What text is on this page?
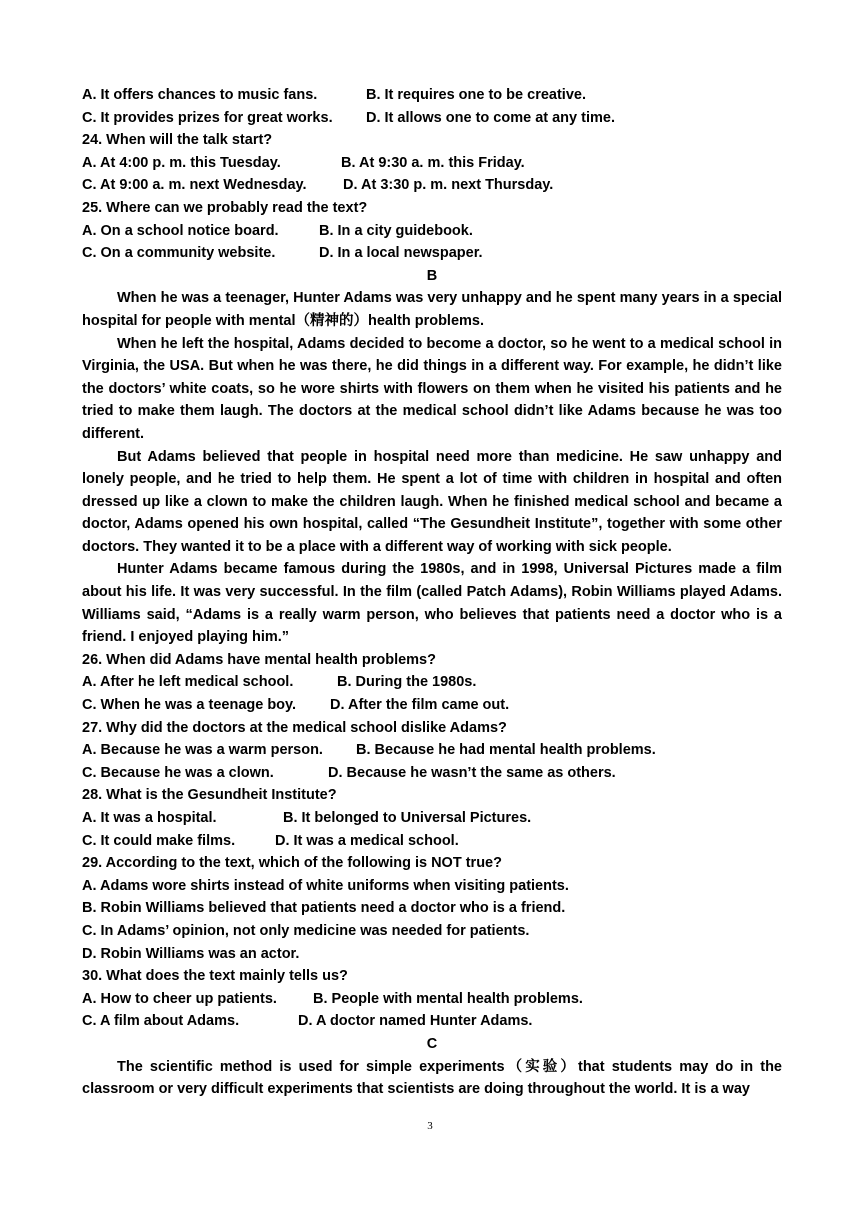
A. It offers chances to music fans.	B. It requires one to be creative.
C. It provides prizes for great works.	D. It allows one to come at any time.
24. When will the talk start?
A. At 4:00 p. m. this Tuesday.	B. At 9:30 a. m. this Friday.
C. At 9:00 a. m. next Wednesday.	D. At 3:30 p. m. next Thursday.
25. Where can we probably read the text?
A. On a school notice board.	B. In a city guidebook.
C. On a community website.	D. In a local newspaper.
B

When he was a teenager, Hunter Adams was very unhappy and he spent many years in a special hospital for people with mental（精神的）health problems.

When he left the hospital, Adams decided to become a doctor, so he went to a medical school in Virginia, the USA. But when he was there, he did things in a different way. For example, he didn’t like the doctors’ white coats, so he wore shirts with flowers on them when he visited his patients and he tried to make them laugh. The doctors at the medical school didn’t like Adams because he was too different.

But Adams believed that people in hospital need more than medicine. He saw unhappy and lonely people, and he tried to help them. He spent a lot of time with children in hospital and often dressed up like a clown to make the children laugh. When he finished medical school and became a doctor, Adams opened his own hospital, called “The Gesundheit Institute”, together with some other doctors. They wanted it to be a place with a different way of working with sick people.

Hunter Adams became famous during the 1980s, and in 1998, Universal Pictures made a film about his life. It was very successful. In the film (called Patch Adams), Robin Williams played Adams. Williams said, “Adams is a really warm person, who believes that patients need a doctor who is a friend. I enjoyed playing him.”

26. When did Adams have mental health problems?
A. After he left medical school.	B. During the 1980s.
C. When he was a teenage boy.	D. After the film came out.
27. Why did the doctors at the medical school dislike Adams?
A. Because he was a warm person.	B. Because he had mental health problems.
C. Because he was a clown.	D. Because he wasn’t the same as others.
28. What is the Gesundheit Institute?
A. It was a hospital.	B. It belonged to Universal Pictures.
C. It could make films.	D. It was a medical school.
29. According to the text, which of the following is NOT true?
A. Adams wore shirts instead of white uniforms when visiting patients.
B. Robin Williams believed that patients need a doctor who is a friend.
C. In Adams’ opinion, not only medicine was needed for patients.
D. Robin Williams was an actor.
30. What does the text mainly tells us?
A. How to cheer up patients.	B. People with mental health problems.
C. A film about Adams.	D. A doctor named Hunter Adams.
C

The scientific method is used for simple experiments（实验）that students may do in the classroom or very difficult experiments that scientists are doing throughout the world. It is a way

3
